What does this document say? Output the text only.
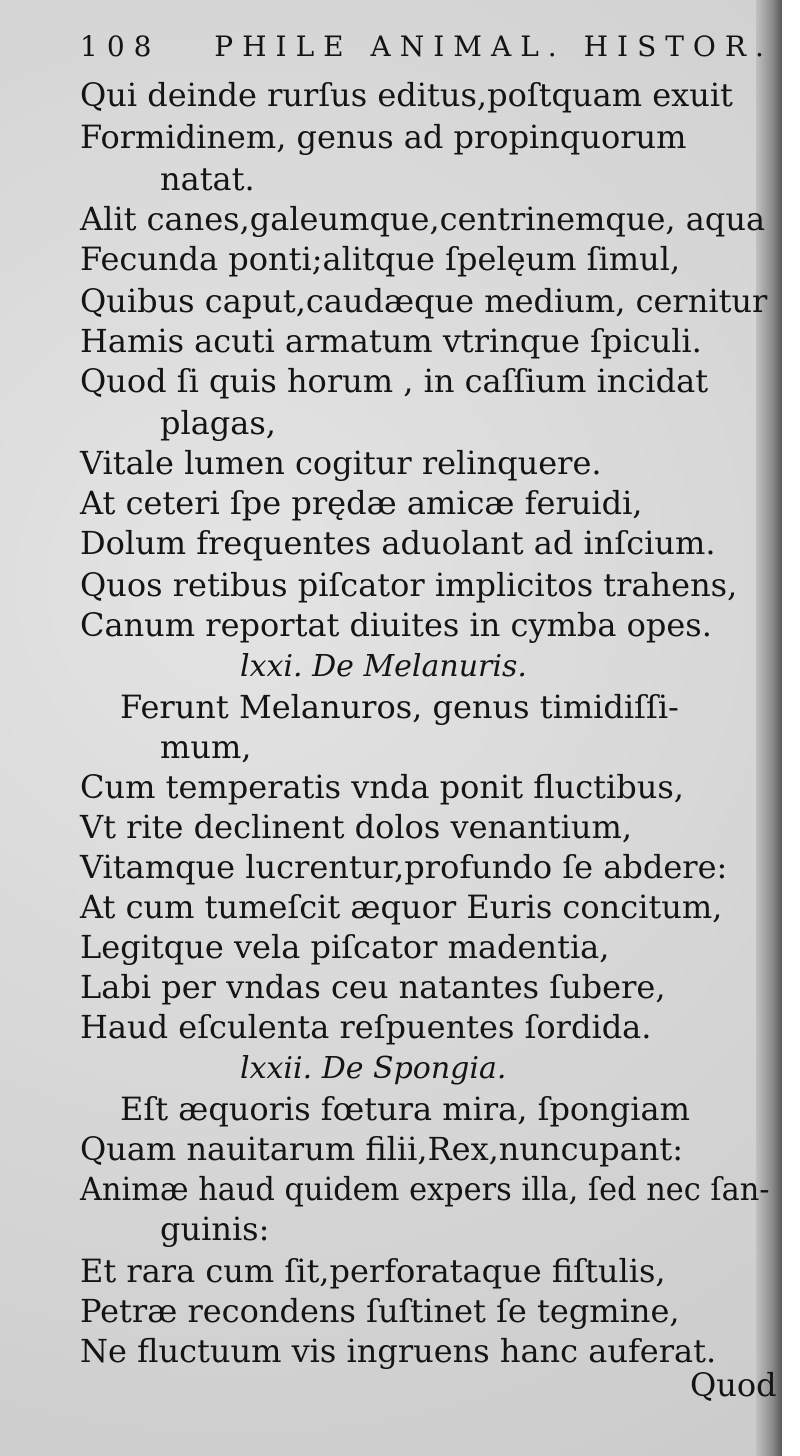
108 PHILE ANIMAL. HISTOR.
Qui deinde rurſus editus,poſtquam exuit
Formidinem, genus ad propinquorum
natat.
Alit canes,galeumque,centrinemque, aqua
Fecunda ponti;alitque ſpelęum ſimul,
Quibus caput,caudæque medium, cernitur
Hamis acuti armatum vtrinque ſpiculi.
Quod ſi quis horum , in caſſium incidat
plagas,
Vitale lumen cogitur relinquere.
At ceteri ſpe prędæ amicæ feruidi,
Dolum frequentes aduolant ad inſcium.
Quos retibus piſcator implicitos trahens,
Canum reportat diuites in cymba opes.
lxxi. De Melanuris.
Ferunt Melanuros, genus timidiſſi-
mum,
Cum temperatis vnda ponit fluctibus,
Vt rite declinent dolos venantium,
Vitamque lucrentur,profundo ſe abdere:
At cum tumeſcit æquor Euris concitum,
Legitque vela piſcator madentia,
Labi per vndas ceu natantes ſubere,
Haud eſculenta reſpuentes ſordida.
lxxii. De Spongia.
Eſt æquoris fœtura mira, ſpongiam
Quam nauitarum filii,Rex,nuncupant:
Animæ haud quidem expers illa, ſed nec ſan-
guinis:
Et rara cum ſit,perforataque fiſtulis,
Petræ recondens ſuſtinet ſe tegmine,
Ne fluctuum vis ingruens hanc auferat.
Quod
